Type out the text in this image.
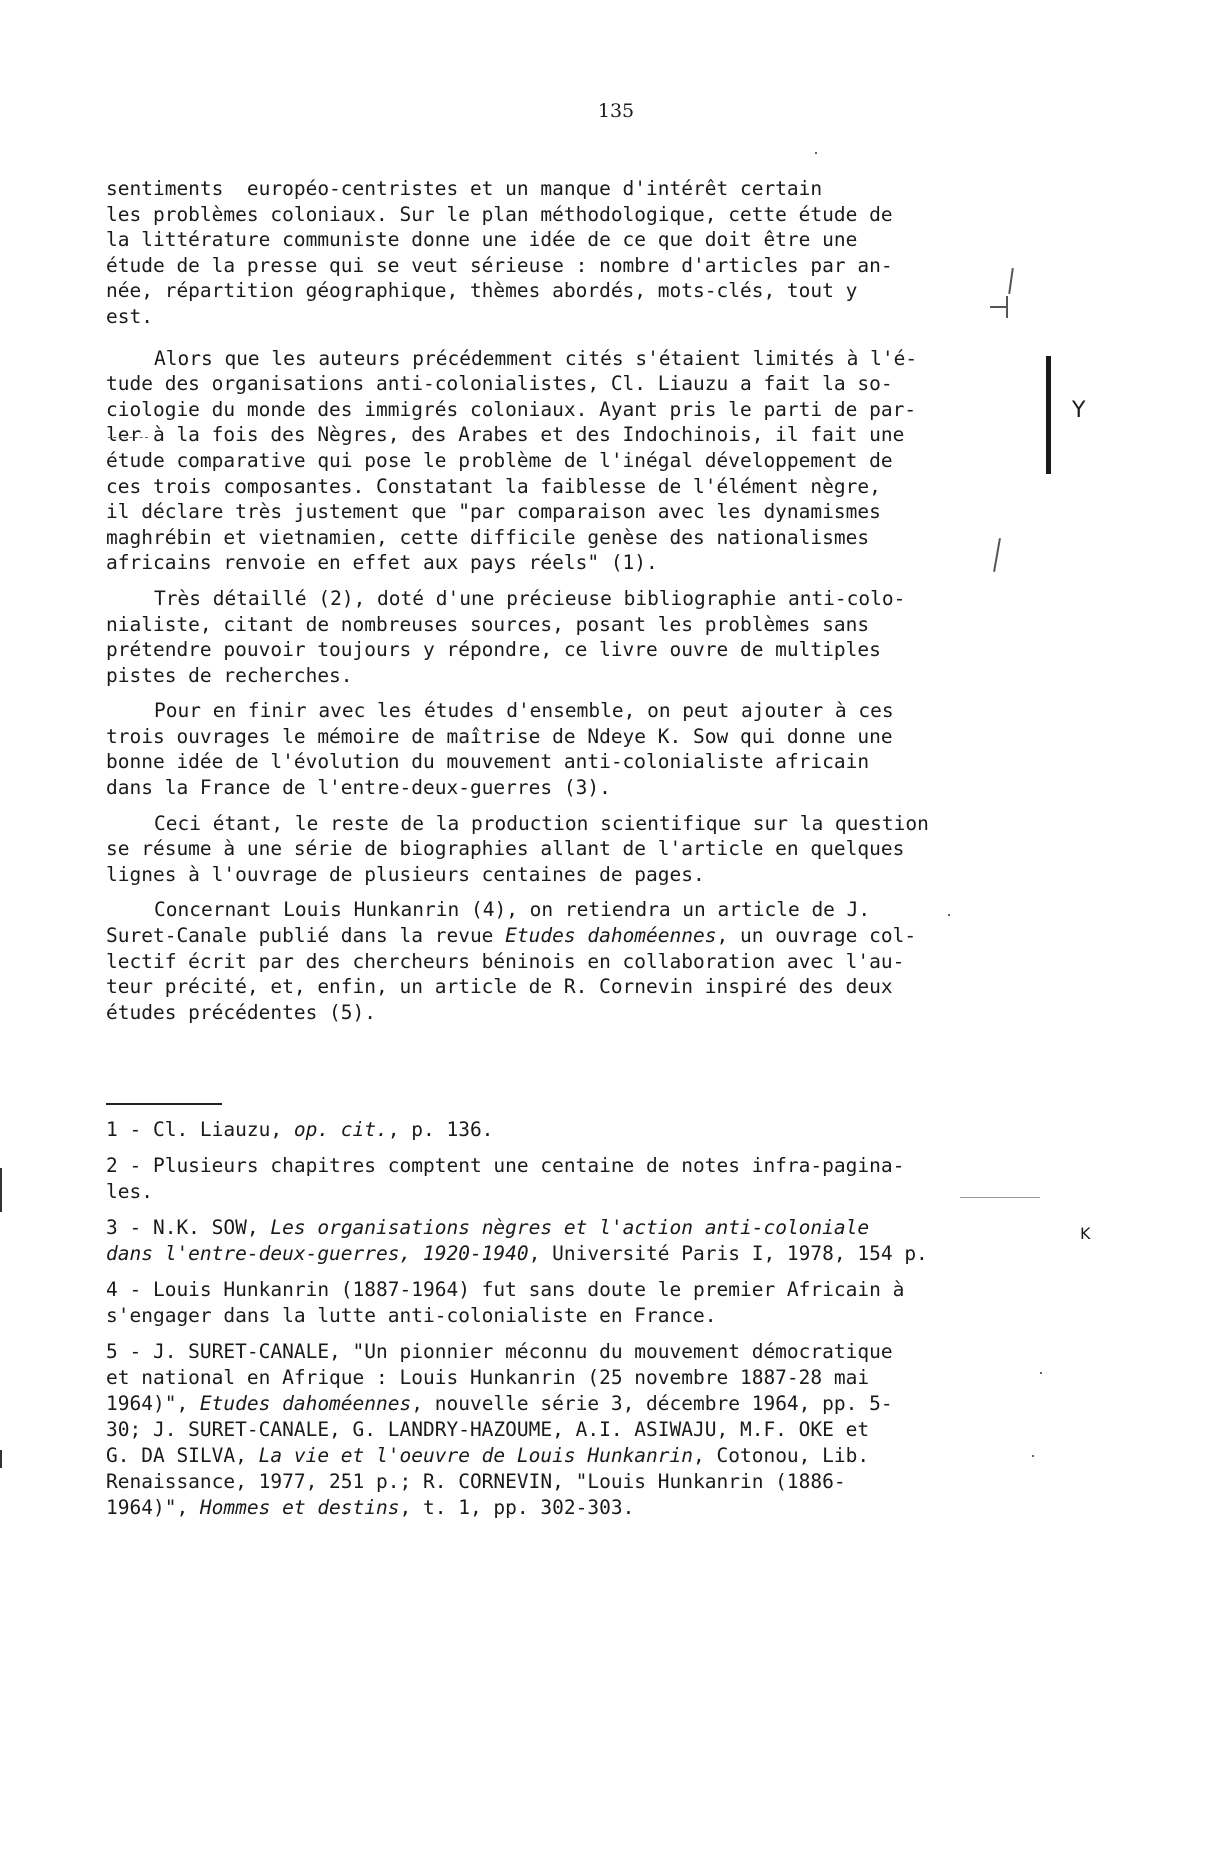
135

sentiments  européo-centristes et un manque d'intérêt certain
les problèmes coloniaux. Sur le plan méthodologique, cette étude de
la littérature communiste donne une idée de ce que doit être une
étude de la presse qui se veut sérieuse : nombre d'articles par an-
née, répartition géographique, thèmes abordés, mots-clés, tout y
est.

Alors que les auteurs précédemment cités s'étaient limités à l'é-
tude des organisations anti-colonialistes, Cl. Liauzu a fait la so-
ciologie du monde des immigrés coloniaux. Ayant pris le parti de par-
ler à la fois des Nègres, des Arabes et des Indochinois, il fait une
étude comparative qui pose le problème de l'inégal développement de
ces trois composantes. Constatant la faiblesse de l'élément nègre,
il déclare très justement que "par comparaison avec les dynamismes
maghrébin et vietnamien, cette difficile genèse des nationalismes
africains renvoie en effet aux pays réels" (1).

Très détaillé (2), doté d'une précieuse bibliographie anti-colo-
nialiste, citant de nombreuses sources, posant les problèmes sans
prétendre pouvoir toujours y répondre, ce livre ouvre de multiples
pistes de recherches.

Pour en finir avec les études d'ensemble, on peut ajouter à ces
trois ouvrages le mémoire de maîtrise de Ndeye K. Sow qui donne une
bonne idée de l'évolution du mouvement anti-colonialiste africain
dans la France de l'entre-deux-guerres (3).

Ceci étant, le reste de la production scientifique sur la question
se résume à une série de biographies allant de l'article en quelques
lignes à l'ouvrage de plusieurs centaines de pages.

Concernant Louis Hunkanrin (4), on retiendra un article de J.
Suret-Canale publié dans la revue Etudes dahoméennes, un ouvrage col-
lectif écrit par des chercheurs béninois en collaboration avec l'au-
teur précité, et, enfin, un article de R. Cornevin inspiré des deux
études précédentes (5).

1 - Cl. Liauzu, op. cit., p. 136.
2 - Plusieurs chapitres comptent une centaine de notes infra-pagina-
les.
3 - N.K. SOW, Les organisations nègres et l'action anti-coloniale
dans l'entre-deux-guerres, 1920-1940, Université Paris I, 1978, 154 p.
4 - Louis Hunkanrin (1887-1964) fut sans doute le premier Africain à
s'engager dans la lutte anti-colonialiste en France.
5 - J. SURET-CANALE, "Un pionnier méconnu du mouvement démocratique
et national en Afrique : Louis Hunkanrin (25 novembre 1887-28 mai
1964)", Etudes dahoméennes, nouvelle série 3, décembre 1964, pp. 5-
30; J. SURET-CANALE, G. LANDRY-HAZOUME, A.I. ASIWAJU, M.F. OKE et
G. DA SILVA, La vie et l'oeuvre de Louis Hunkanrin, Cotonou, Lib.
Renaissance, 1977, 251 p.; R. CORNEVIN, "Louis Hunkanrin (1886-
1964)", Hommes et destins, t. 1, pp. 302-303.
Y
K
